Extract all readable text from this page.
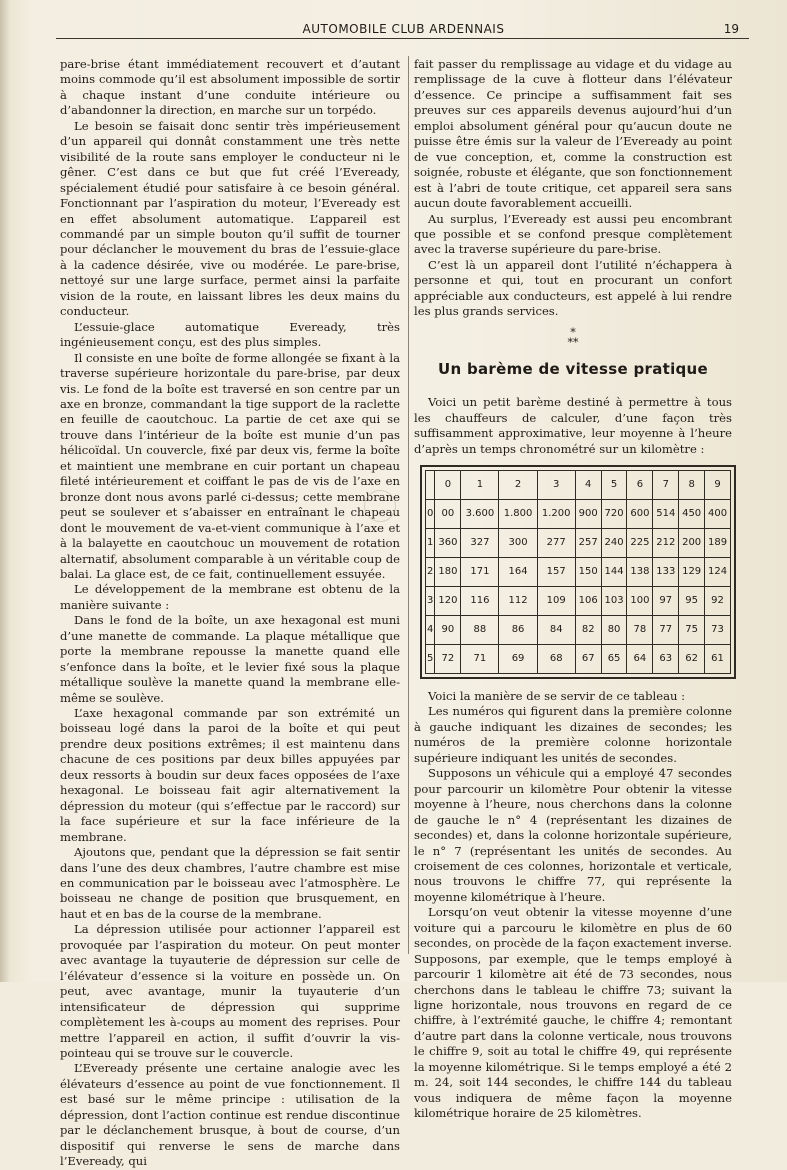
AUTOMOBILE CLUB ARDENNAIS	19

pare-brise étant immédiatement recouvert et d’autant moins commode qu’il est absolument impossible de sortir à chaque instant d’une conduite intérieure ou d’abandonner la direction, en marche sur un torpédo.

Le besoin se faisait donc sentir très impérieusement d’un appareil qui donnât constamment une très nette visibilité de la route sans employer le conducteur ni le gêner. C’est dans ce but que fut créé l’Eveready, spécialement étudié pour satisfaire à ce besoin général. Fonctionnant par l’aspiration du moteur, l’Eveready est en effet absolument automatique. L’appareil est commandé par un simple bouton qu’il suffit de tourner pour déclancher le mouvement du bras de l’essuie-glace à la cadence désirée, vive ou modérée. Le pare-brise, nettoyé sur une large surface, permet ainsi la parfaite vision de la route, en laissant libres les deux mains du conducteur.

L’essuie-glace automatique Eveready, très ingénieusement conçu, est des plus simples.

Il consiste en une boîte de forme allongée se fixant à la traverse supérieure horizontale du pare-brise, par deux vis. Le fond de la boîte est traversé en son centre par un axe en bronze, commandant la tige support de la raclette en feuille de caoutchouc. La partie de cet axe qui se trouve dans l’intérieur de la boîte est munie d’un pas hélicoïdal. Un couvercle, fixé par deux vis, ferme la boîte et maintient une membrane en cuir portant un chapeau fileté intérieurement et coiffant le pas de vis de l’axe en bronze dont nous avons parlé ci-dessus; cette membrane peut se soulever et s’abaisser en entraînant le chapeau dont le mouvement de va-et-vient communique à l’axe et à la balayette en caoutchouc un mouvement de rotation alternatif, absolument comparable à un véritable coup de balai. La glace est, de ce fait, continuellement essuyée.

Le développement de la membrane est obtenu de la manière suivante :

Dans le fond de la boîte, un axe hexagonal est muni d’une manette de commande. La plaque métallique que porte la membrane repousse la manette quand elle s’enfonce dans la boîte, et le levier fixé sous la plaque métallique soulève la manette quand la membrane elle-même se soulève.

L’axe hexagonal commande par son extrémité un boisseau logé dans la paroi de la boîte et qui peut prendre deux positions extrêmes; il est maintenu dans chacune de ces positions par deux billes appuyées par deux ressorts à boudin sur deux faces opposées de l’axe hexagonal. Le boisseau fait agir alternativement la dépression du moteur (qui s’effectue par le raccord) sur la face supérieure et sur la face inférieure de la membrane.

Ajoutons que, pendant que la dépression se fait sentir dans l’une des deux chambres, l’autre chambre est mise en communication par le boisseau avec l’atmosphère. Le boisseau ne change de position que brusquement, en haut et en bas de la course de la membrane.

La dépression utilisée pour actionner l’appareil est provoquée par l’aspiration du moteur. On peut monter avec avantage la tuyauterie de dépression sur celle de l’élévateur d’essence si la voiture en possède un. On peut, avec avantage, munir la tuyauterie d’un intensificateur de dépression qui supprime complètement les à-coups au moment des reprises. Pour mettre l’appareil en action, il suffit d’ouvrir la vis-pointeau qui se trouve sur le couvercle.

L’Eveready présente une certaine analogie avec les élévateurs d’essence au point de vue fonctionnement. Il est basé sur le même principe : utilisation de la dépression, dont l’action continue est rendue discontinue par le déclanchement brusque, à bout de course, d’un dispositif qui renverse le sens de marche dans l’Eveready, qui

fait passer du remplissage au vidage et du vidage au remplissage de la cuve à flotteur dans l’élévateur d’essence. Ce principe a suffisamment fait ses preuves sur ces appareils devenus aujourd’hui d’un emploi absolument général pour qu’aucun doute ne puisse être émis sur la valeur de l’Eveready au point de vue conception, et, comme la construction est soignée, robuste et élégante, que son fonctionnement est à l’abri de toute critique, cet appareil sera sans aucun doute favorablement accueilli.

Au surplus, l’Eveready est aussi peu encombrant que possible et se confond presque complètement avec la traverse supérieure du pare-brise.

C’est là un appareil dont l’utilité n’échappera à personne et qui, tout en procurant un confort appréciable aux conducteurs, est appelé à lui rendre les plus grands services.

*
**
Un barème de vitesse pratique

Voici un petit barème destiné à permettre à tous les chauffeurs de calculer, d’une façon très suffisamment approximative, leur moyenne à l’heure d’après un temps chronométré sur un kilomètre :

	0	1	2	3	4	5	6	7	8	9
0	00	3.600	1.800	1.200	900	720	600	514	450	400
1	360	327	300	277	257	240	225	212	200	189
2	180	171	164	157	150	144	138	133	129	124
3	120	116	112	109	106	103	100	97	95	92
4	90	88	86	84	82	80	78	77	75	73
5	72	71	69	68	67	65	64	63	62	61

Voici la manière de se servir de ce tableau :

Les numéros qui figurent dans la première colonne à gauche indiquant les dizaines de secondes; les numéros de la première colonne horizontale supérieure indiquant les unités de secondes.

Supposons un véhicule qui a employé 47 secondes pour parcourir un kilomètre Pour obtenir la vitesse moyenne à l’heure, nous cherchons dans la colonne de gauche le n° 4 (représentant les dizaines de secondes) et, dans la colonne horizontale supérieure, le n° 7 (représentant les unités de secondes. Au croisement de ces colonnes, horizontale et verticale, nous trouvons le chiffre 77, qui représente la moyenne kilométrique à l’heure.

Lorsqu’on veut obtenir la vitesse moyenne d’une voiture qui a parcouru le kilomètre en plus de 60 secondes, on procède de la façon exactement inverse. Supposons, par exemple, que le temps employé à parcourir 1 kilomètre ait été de 73 secondes, nous cherchons dans le tableau le chiffre 73; suivant la ligne horizontale, nous trouvons en regard de ce chiffre, à l’extrémité gauche, le chiffre 4; remontant d’autre part dans la colonne verticale, nous trouvons le chiffre 9, soit au total le chiffre 49, qui représente la moyenne kilométrique. Si le temps employé a été 2 m. 24, soit 144 secondes, le chiffre 144 du tableau vous indiquera de même façon la moyenne kilométrique horaire de 25 kilomètres.
